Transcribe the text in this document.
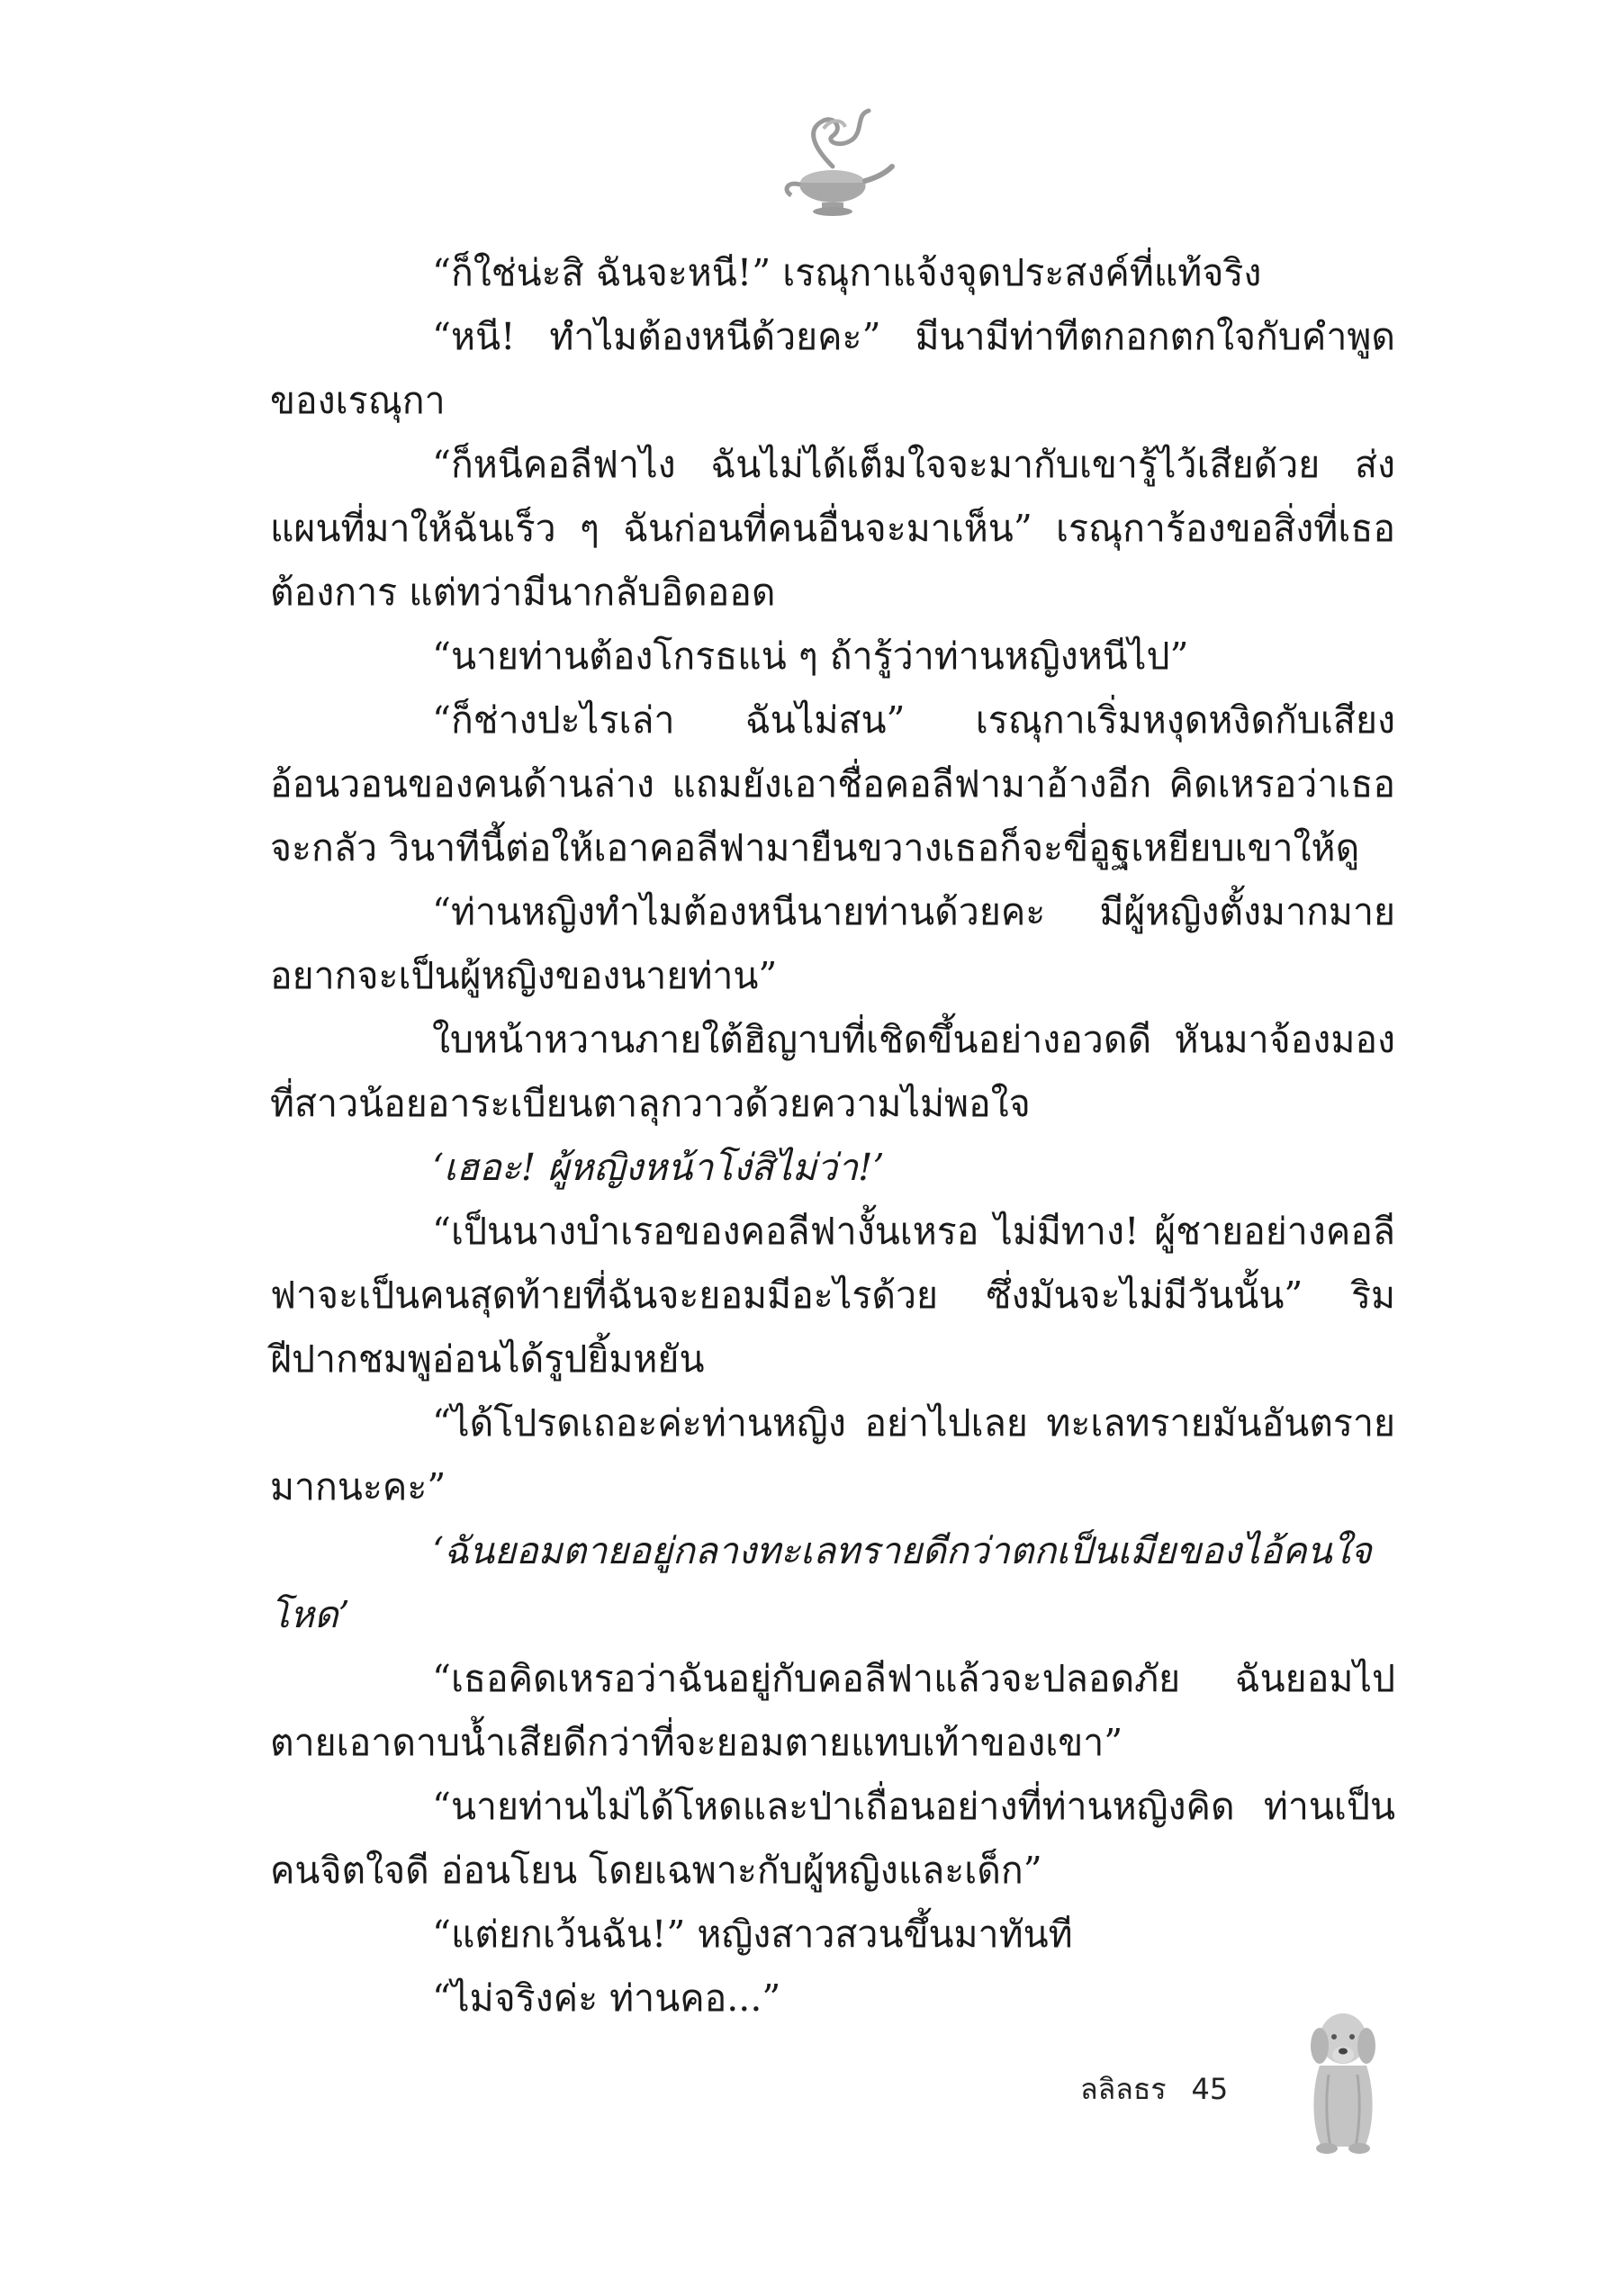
“ก็ใช่น่ะสิ ฉันจะหนี!” เรณุกาแจ้งจุดประสงค์ที่แท้จริง

“หนี! ทำไมต้องหนีด้วยคะ” มีนามีท่าทีตกอกตกใจกับคำพูดของเรณุกา

“ก็หนีคอลีฟาไง ฉันไม่ได้เต็มใจจะมากับเขารู้ไว้เสียด้วย ส่งแผนที่มาให้ฉันเร็ว ๆ ฉันก่อนที่คนอื่นจะมาเห็น” เรณุการ้องขอสิ่งที่เธอต้องการ แต่ทว่ามีนากลับอิดออด

“นายท่านต้องโกรธแน่ ๆ ถ้ารู้ว่าท่านหญิงหนีไป”

“ก็ช่างปะไรเล่า ฉันไม่สน” เรณุกาเริ่มหงุดหงิดกับเสียงอ้อนวอนของคนด้านล่าง แถมยังเอาชื่อคอลีฟามาอ้างอีก คิดเหรอว่าเธอจะกลัว วินาทีนี้ต่อให้เอาคอลีฟามายืนขวางเธอก็จะขี่อูฐเหยียบเขาให้ดู

“ท่านหญิงทำไมต้องหนีนายท่านด้วยคะ มีผู้หญิงตั้งมากมายอยากจะเป็นผู้หญิงของนายท่าน”

ใบหน้าหวานภายใต้ฮิญาบที่เชิดขึ้นอย่างอวดดี หันมาจ้องมองที่สาวน้อยอาระเบียนตาลุกวาวด้วยความไม่พอใจ

‘เฮอะ! ผู้หญิงหน้าโง่สิไม่ว่า!’

“เป็นนางบำเรอของคอลีฟางั้นเหรอ ไม่มีทาง! ผู้ชายอย่างคอลีฟาจะเป็นคนสุดท้ายที่ฉันจะยอมมีอะไรด้วย ซึ่งมันจะไม่มีวันนั้น” ริมฝีปากชมพูอ่อนได้รูปยิ้มหยัน

“ได้โปรดเถอะค่ะท่านหญิง อย่าไปเลย ทะเลทรายมันอันตรายมากนะคะ”

‘ฉันยอมตายอยู่กลางทะเลทรายดีกว่าตกเป็นเมียของไอ้คนใจโหด’

“เธอคิดเหรอว่าฉันอยู่กับคอลีฟาแล้วจะปลอดภัย ฉันยอมไปตายเอาดาบน้ำเสียดีกว่าที่จะยอมตายแทบเท้าของเขา”

“นายท่านไม่ได้โหดและป่าเถื่อนอย่างที่ท่านหญิงคิด ท่านเป็นคนจิตใจดี อ่อนโยน โดยเฉพาะกับผู้หญิงและเด็ก”

“แต่ยกเว้นฉัน!” หญิงสาวสวนขึ้นมาทันที

“ไม่จริงค่ะ ท่านคอ...”

ลลิลธร 45
